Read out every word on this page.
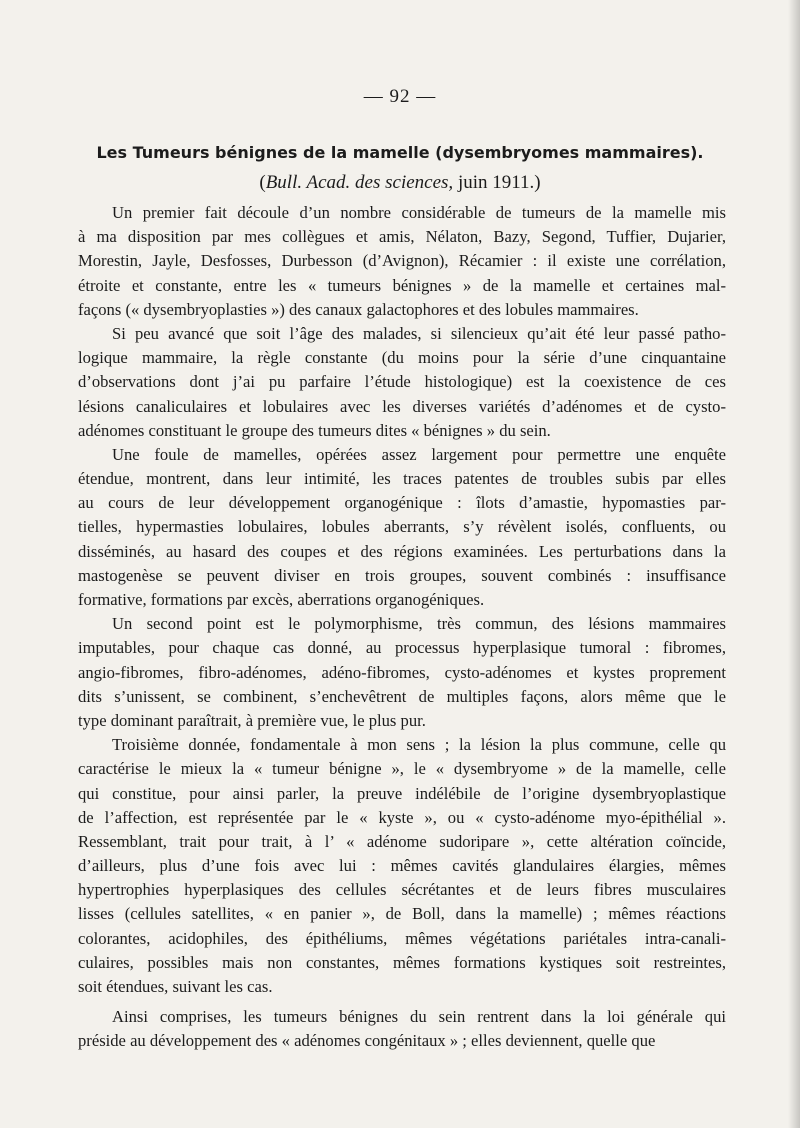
— 92 —
Les Tumeurs bénignes de la mamelle (dysembryomes mammaires).
(Bull. Acad. des sciences, juin 1911.)
Un premier fait découle d’un nombre considérable de tumeurs de la mamelle mis
à ma disposition par mes collègues et amis, Nélaton, Bazy, Segond, Tuffier, Dujarier,
Morestin, Jayle, Desfosses, Durbesson (d’Avignon), Récamier : il existe une corrélation,
étroite et constante, entre les « tumeurs bénignes » de la mamelle et certaines mal-
façons (« dysembryoplasties ») des canaux galactophores et des lobules mammaires.
Si peu avancé que soit l’âge des malades, si silencieux qu’ait été leur passé patho-
logique mammaire, la règle constante (du moins pour la série d’une cinquantaine
d’observations dont j’ai pu parfaire l’étude histologique) est la coexistence de ces
lésions canaliculaires et lobulaires avec les diverses variétés d’adénomes et de cysto-
adénomes constituant le groupe des tumeurs dites « bénignes » du sein.
Une foule de mamelles, opérées assez largement pour permettre une enquête
étendue, montrent, dans leur intimité, les traces patentes de troubles subis par elles
au cours de leur développement organogénique : îlots d’amastie, hypomasties par-
tielles, hypermasties lobulaires, lobules aberrants, s’y révèlent isolés, confluents, ou
disséminés, au hasard des coupes et des régions examinées. Les perturbations dans la
mastogenèse se peuvent diviser en trois groupes, souvent combinés : insuffisance
formative, formations par excès, aberrations organogéniques.
Un second point est le polymorphisme, très commun, des lésions mammaires
imputables, pour chaque cas donné, au processus hyperplasique tumoral : fibromes,
angio-fibromes, fibro-adénomes, adéno-fibromes, cysto-adénomes et kystes proprement
dits s’unissent, se combinent, s’enchevêtrent de multiples façons, alors même que le
type dominant paraîtrait, à première vue, le plus pur.
Troisième donnée, fondamentale à mon sens ; la lésion la plus commune, celle qu
caractérise le mieux la « tumeur bénigne », le « dysembryome » de la mamelle, celle
qui constitue, pour ainsi parler, la preuve indélébile de l’origine dysembryoplastique
de l’affection, est représentée par le « kyste », ou « cysto-adénome myo-épithélial ».
Ressemblant, trait pour trait, à l’ « adénome sudoripare », cette altération coïncide,
d’ailleurs, plus d’une fois avec lui : mêmes cavités glandulaires élargies, mêmes
hypertrophies hyperplasiques des cellules sécrétantes et de leurs fibres musculaires
lisses (cellules satellites, « en panier », de Boll, dans la mamelle) ; mêmes réactions
colorantes, acidophiles, des épithéliums, mêmes végétations pariétales intra-canali-
culaires, possibles mais non constantes, mêmes formations kystiques soit restreintes,
soit étendues, suivant les cas.
Ainsi comprises, les tumeurs bénignes du sein rentrent dans la loi générale qui
préside au développement des « adénomes congénitaux » ; elles deviennent, quelle que
